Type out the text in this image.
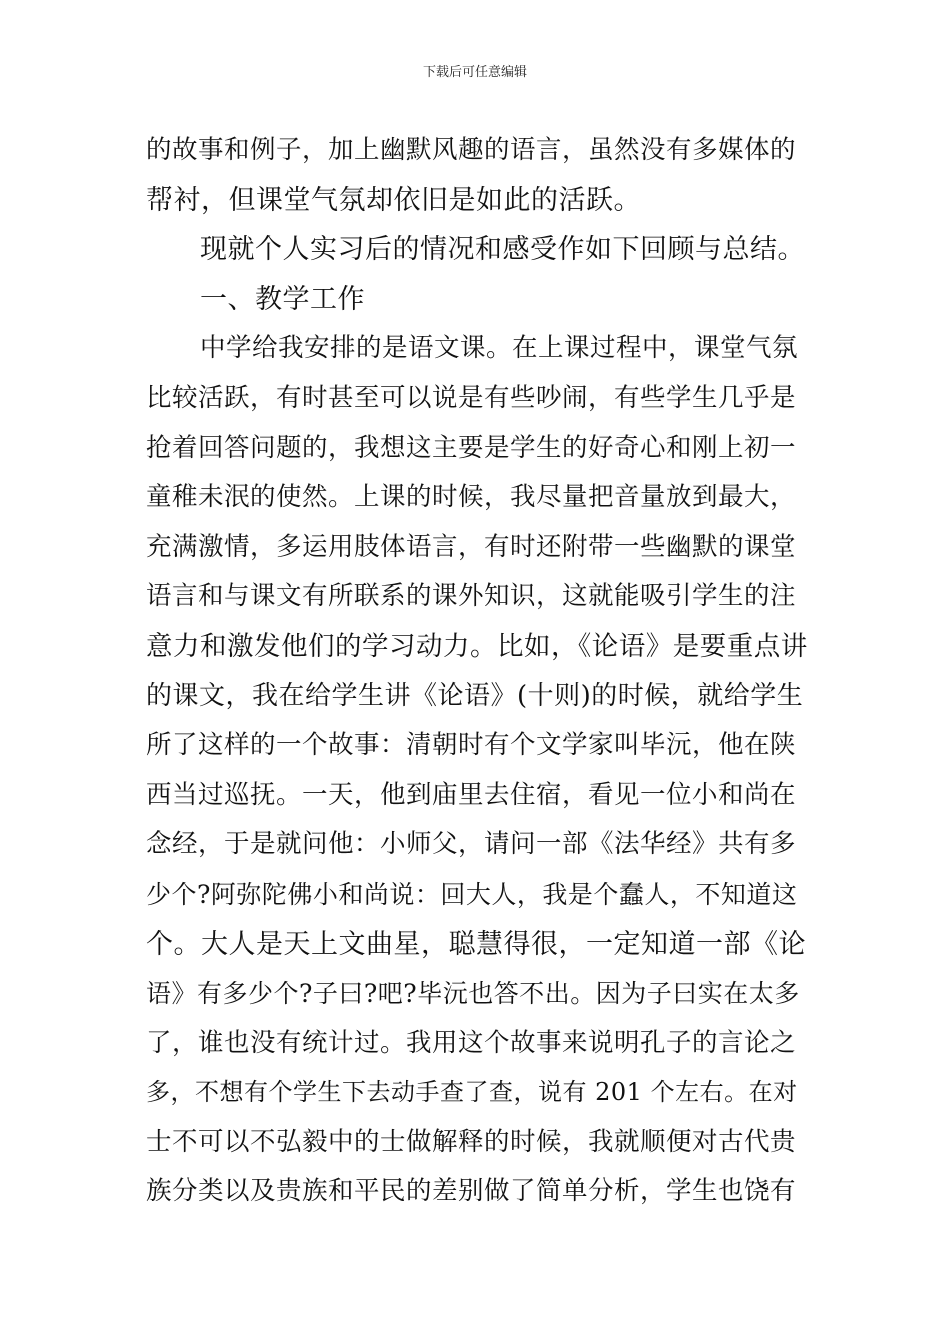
下载后可任意编辑
的故事和例子，加上幽默风趣的语言，虽然没有多媒体的
帮衬，但课堂气氛却依旧是如此的活跃。
现就个人实习后的情况和感受作如下回顾与总结。
一、教学工作
中学给我安排的是语文课。在上课过程中，课堂气氛
比较活跃，有时甚至可以说是有些吵闹，有些学生几乎是
抢着回答问题的，我想这主要是学生的好奇心和刚上初一
童稚未泯的使然。上课的时候，我尽量把音量放到最大，
充满激情，多运用肢体语言，有时还附带一些幽默的课堂
语言和与课文有所联系的课外知识，这就能吸引学生的注
意力和激发他们的学习动力。比如，《论语》是要重点讲
的课文，我在给学生讲《论语》(十则)的时候，就给学生
所了这样的一个故事：清朝时有个文学家叫毕沅，他在陕
西当过巡抚。一天，他到庙里去住宿，看见一位小和尚在
念经，于是就问他：小师父，请问一部《法华经》共有多
少个?阿弥陀佛小和尚说：回大人，我是个蠢人，不知道这
个。大人是天上文曲星，聪慧得很，一定知道一部《论
语》有多少个?子曰?吧?毕沅也答不出。因为子曰实在太多
了，谁也没有统计过。我用这个故事来说明孔子的言论之
多，不想有个学生下去动手查了查，说有 201 个左右。在对
士不可以不弘毅中的士做解释的时候，我就顺便对古代贵
族分类以及贵族和平民的差别做了简单分析，学生也饶有
